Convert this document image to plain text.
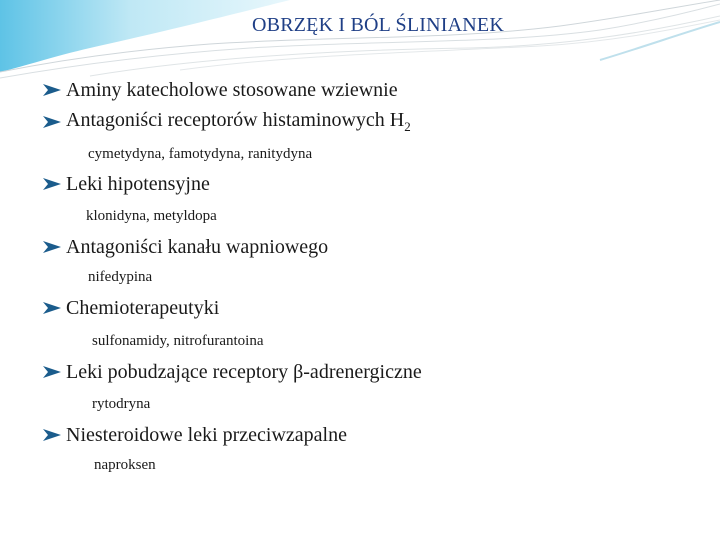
OBRZĘK I BÓL ŚLINIANEK
Aminy katecholowe stosowane wziewnie
Antagoniści receptorów histaminowych $H_2$
cymetydyna, famotydyna, ranitydyna
Leki hipotensyjne
klonidyna, metyldopa
Antagoniści kanału wapniowego
nifedypina
Chemioterapeutyki
sulfonamidy, nitrofurantoina
Leki pobudzające receptory β-adrenergiczne
rytodryna
Niesteroidowe leki przeciwzapalne
naproksen
